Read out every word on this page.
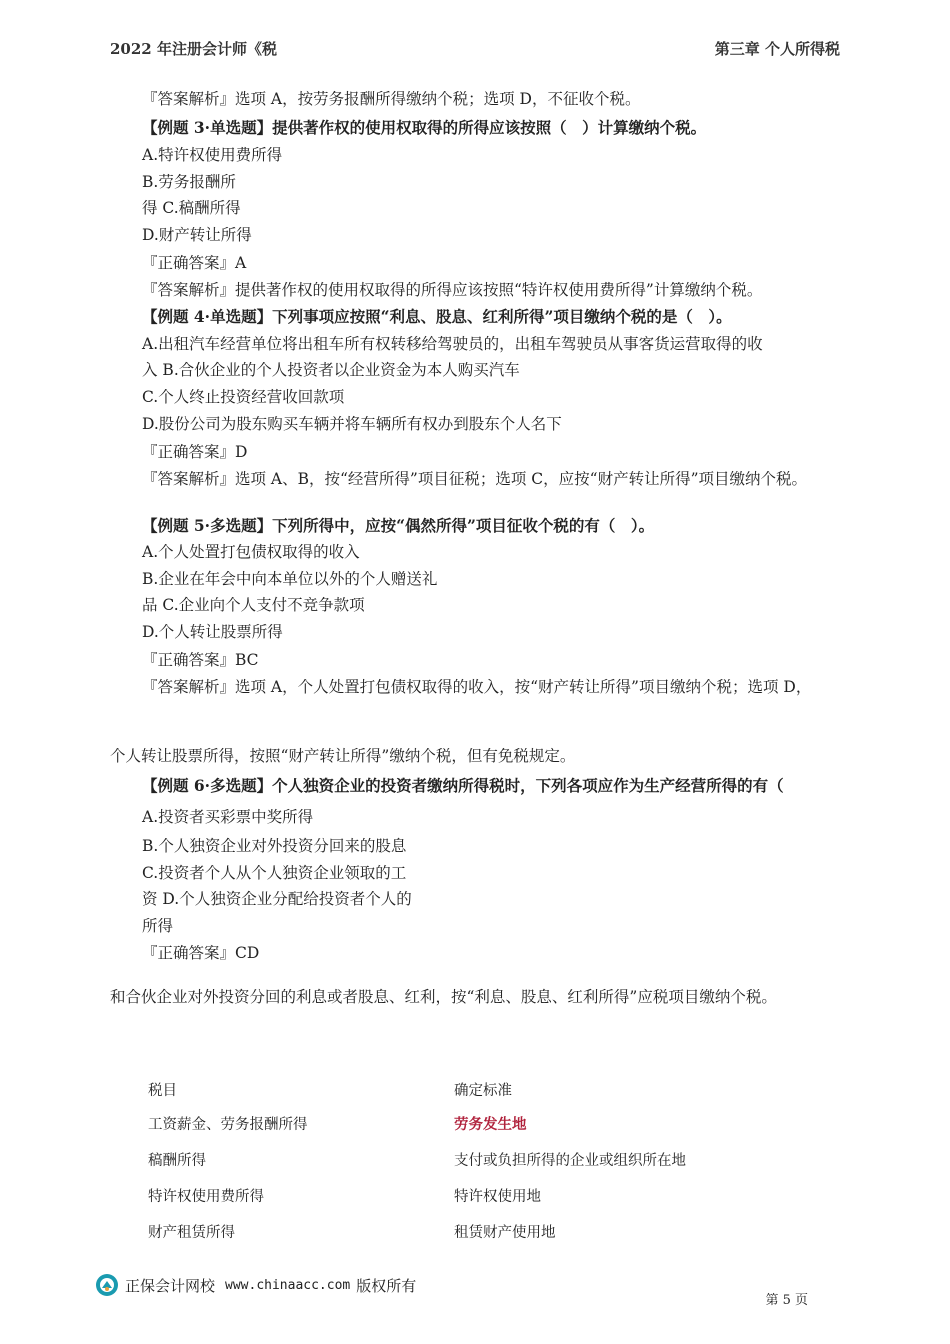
2022 年注册会计师《税	第三章 个人所得税
『答案解析』选项 A，按劳务报酬所得缴纳个税；选项 D，不征收个税。
【例题 3·单选题】提供著作权的使用权取得的所得应该按照（　）计算缴纳个税。
A.特许权使用费所得
B.劳务报酬所
得 C.稿酬所得
D.财产转让所得
『正确答案』A
『答案解析』提供著作权的使用权取得的所得应该按照“特许权使用费所得”计算缴纳个税。
【例题 4·单选题】下列事项应按照“利息、股息、红利所得”项目缴纳个税的是（　）。
A.出租汽车经营单位将出租车所有权转移给驾驶员的，出租车驾驶员从事客货运营取得的收
入 B.合伙企业的个人投资者以企业资金为本人购买汽车
C.个人终止投资经营收回款项
D.股份公司为股东购买车辆并将车辆所有权办到股东个人名下
『正确答案』D
『答案解析』选项 A、B，按“经营所得”项目征税；选项 C，应按“财产转让所得”项目缴纳个税。
【例题 5·多选题】下列所得中，应按“偶然所得”项目征收个税的有（　）。
A.个人处置打包债权取得的收入
B.企业在年会中向本单位以外的个人赠送礼
品 C.企业向个人支付不竞争款项
D.个人转让股票所得
『正确答案』BC
『答案解析』选项 A，个人处置打包债权取得的收入，按“财产转让所得”项目缴纳个税；选项 D，
个人转让股票所得，按照“财产转让所得”缴纳个税，但有免税规定。
【例题 6·多选题】个人独资企业的投资者缴纳所得税时，下列各项应作为生产经营所得的有（
A.投资者买彩票中奖所得
B.个人独资企业对外投资分回来的股息
C.投资者个人从个人独资企业领取的工
资 D.个人独资企业分配给投资者个人的
所得
『正确答案』CD
和合伙企业对外投资分回的利息或者股息、红利，按“利息、股息、红利所得”应税项目缴纳个税。
税目	确定标准
工资薪金、劳务报酬所得	劳务发生地
稿酬所得	支付或负担所得的企业或组织所在地
特许权使用费所得	特许权使用地
财产租赁所得	租赁财产使用地
正保会计网校 www.chinaacc.com 版权所有
第 5 页
